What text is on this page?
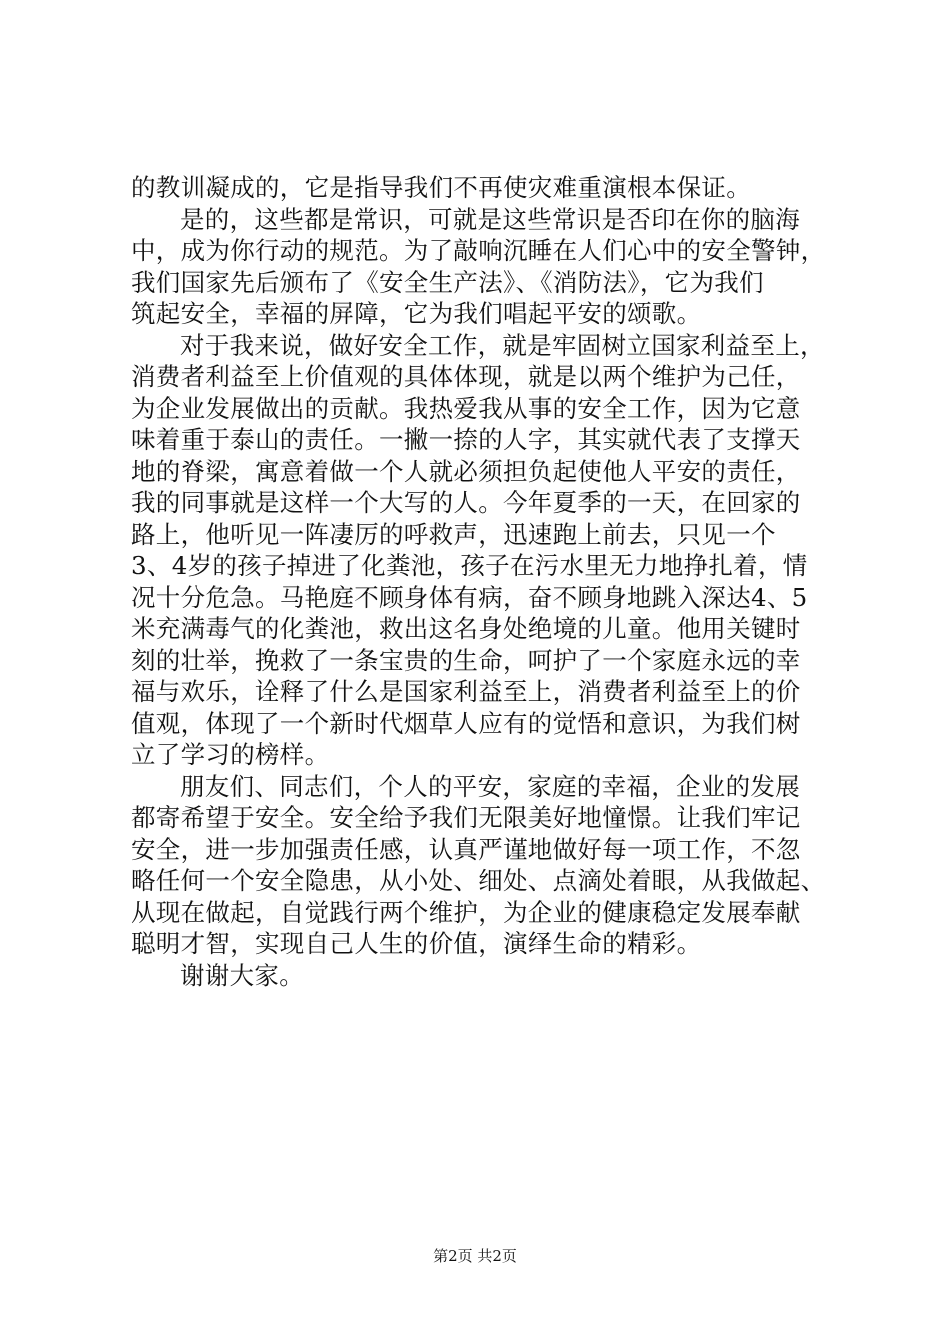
的教训凝成的，它是指导我们不再使灾难重演根本保证。
是的，这些都是常识，可就是这些常识是否印在你的脑海
中，成为你行动的规范。为了敲响沉睡在人们心中的安全警钟，
我们国家先后颁布了《安全生产法》、《消防法》，它为我们
筑起安全，幸福的屏障，它为我们唱起平安的颂歌。
对于我来说，做好安全工作，就是牢固树立国家利益至上，
消费者利益至上价值观的具体体现，就是以两个维护为己任，
为企业发展做出的贡献。我热爱我从事的安全工作，因为它意
味着重于泰山的责任。一撇一捺的人字，其实就代表了支撑天
地的脊梁，寓意着做一个人就必须担负起使他人平安的责任，
我的同事就是这样一个大写的人。今年夏季的一天，在回家的
路上，他听见一阵凄厉的呼救声，迅速跑上前去，只见一个
3、4岁的孩子掉进了化粪池，孩子在污水里无力地挣扎着，情
况十分危急。马艳庭不顾身体有病，奋不顾身地跳入深达4、5
米充满毒气的化粪池，救出这名身处绝境的儿童。他用关键时
刻的壮举，挽救了一条宝贵的生命，呵护了一个家庭永远的幸
福与欢乐，诠释了什么是国家利益至上，消费者利益至上的价
值观，体现了一个新时代烟草人应有的觉悟和意识，为我们树
立了学习的榜样。
朋友们、同志们，个人的平安，家庭的幸福，企业的发展
都寄希望于安全。安全给予我们无限美好地憧憬。让我们牢记
安全，进一步加强责任感，认真严谨地做好每一项工作，不忽
略任何一个安全隐患，从小处、细处、点滴处着眼，从我做起、
从现在做起，自觉践行两个维护，为企业的健康稳定发展奉献
聪明才智，实现自己人生的价值，演绎生命的精彩。
谢谢大家。
第2页 共2页
